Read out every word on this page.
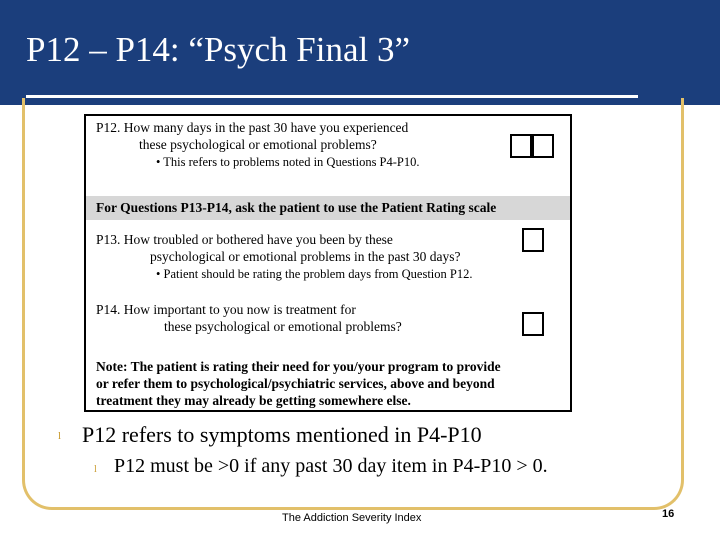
P12 – P14: “Psych Final 3”
P12. How many days in the past 30 have you experienced
these psychological or emotional problems?
• This refers to problems noted in Questions P4-P10.
For Questions P13-P14, ask the patient to use the Patient Rating scale
P13. How troubled or bothered have you been by these
psychological or emotional problems in the past 30 days?
• Patient should be rating the problem days from Question P12.
P14. How important to you now is treatment for
these psychological or emotional problems?
Note: The patient is rating their need for you/your program to provide
or refer them to psychological/psychiatric services, above and beyond
treatment they may already be getting somewhere else.
l P12 refers to symptoms mentioned in P4-P10
l P12 must be >0 if any past 30 day item in P4-P10 > 0.
The Addiction Severity Index	16
